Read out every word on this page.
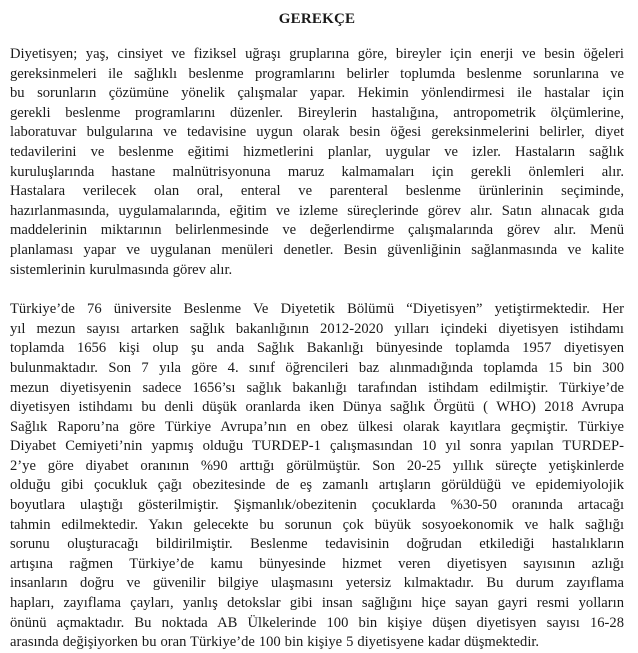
GEREKÇE

Diyetisyen; yaş, cinsiyet ve fiziksel uğraşı gruplarına göre, bireyler için enerji ve besin öğeleri
gereksinmeleri ile sağlıklı beslenme programlarını belirler toplumda beslenme sorunlarına ve
bu sorunların çözümüne yönelik çalışmalar yapar. Hekimin yönlendirmesi ile hastalar için
gerekli beslenme programlarını düzenler. Bireylerin hastalığına, antropometrik ölçümlerine,
laboratuvar bulgularına ve tedavisine uygun olarak besin öğesi gereksinmelerini belirler, diyet
tedavilerini ve beslenme eğitimi hizmetlerini planlar, uygular ve izler. Hastaların sağlık
kuruluşlarında hastane malnütrisyonuna maruz kalmamaları için gerekli önlemleri alır.
Hastalara verilecek olan oral, enteral ve parenteral beslenme ürünlerinin seçiminde,
hazırlanmasında, uygulamalarında, eğitim ve izleme süreçlerinde görev alır. Satın alınacak gıda
maddelerinin miktarının belirlenmesinde ve değerlendirme çalışmalarında görev alır. Menü
planlaması yapar ve uygulanan menüleri denetler. Besin güvenliğinin sağlanmasında ve kalite
sistemlerinin kurulmasında görev alır.

Türkiye’de 76 üniversite Beslenme Ve Diyetetik Bölümü “Diyetisyen” yetiştirmektedir. Her
yıl mezun sayısı artarken sağlık bakanlığının 2012-2020 yılları içindeki diyetisyen istihdamı
toplamda 1656 kişi olup şu anda Sağlık Bakanlığı bünyesinde toplamda 1957 diyetisyen
bulunmaktadır. Son 7 yıla göre 4. sınıf öğrencileri baz alınmadığında toplamda 15 bin 300
mezun diyetisyenin sadece 1656’sı sağlık bakanlığı tarafından istihdam edilmiştir. Türkiye’de
diyetisyen istihdamı bu denli düşük oranlarda iken Dünya sağlık Örgütü ( WHO) 2018 Avrupa
Sağlık Raporu’na göre Türkiye Avrupa’nın en obez ülkesi olarak kayıtlara geçmiştir. Türkiye
Diyabet Cemiyeti’nin yapmış olduğu TURDEP-1 çalışmasından 10 yıl sonra yapılan TURDEP-
2’ye göre diyabet oranının %90 arttığı görülmüştür. Son 20-25 yıllık süreçte yetişkinlerde
olduğu gibi çocukluk çağı obezitesinde de eş zamanlı artışların görüldüğü ve epidemiyolojik
boyutlara ulaştığı gösterilmiştir. Şişmanlık/obezitenin çocuklarda %30-50 oranında artacağı
tahmin edilmektedir. Yakın gelecekte bu sorunun çok büyük sosyoekonomik ve halk sağlığı
sorunu oluşturacağı bildirilmiştir. Beslenme tedavisinin doğrudan etkilediği hastalıkların
artışına rağmen Türkiye’de kamu bünyesinde hizmet veren diyetisyen sayısının azlığı
insanların doğru ve güvenilir bilgiye ulaşmasını yetersiz kılmaktadır. Bu durum zayıflama
hapları, zayıflama çayları, yanlış detokslar gibi insan sağlığını hiçe sayan gayri resmi yolların
önünü açmaktadır. Bu noktada AB Ülkelerinde 100 bin kişiye düşen diyetisyen sayısı 16-28
arasında değişiyorken bu oran Türkiye’de 100 bin kişiye 5 diyetisyene kadar düşmektedir.
